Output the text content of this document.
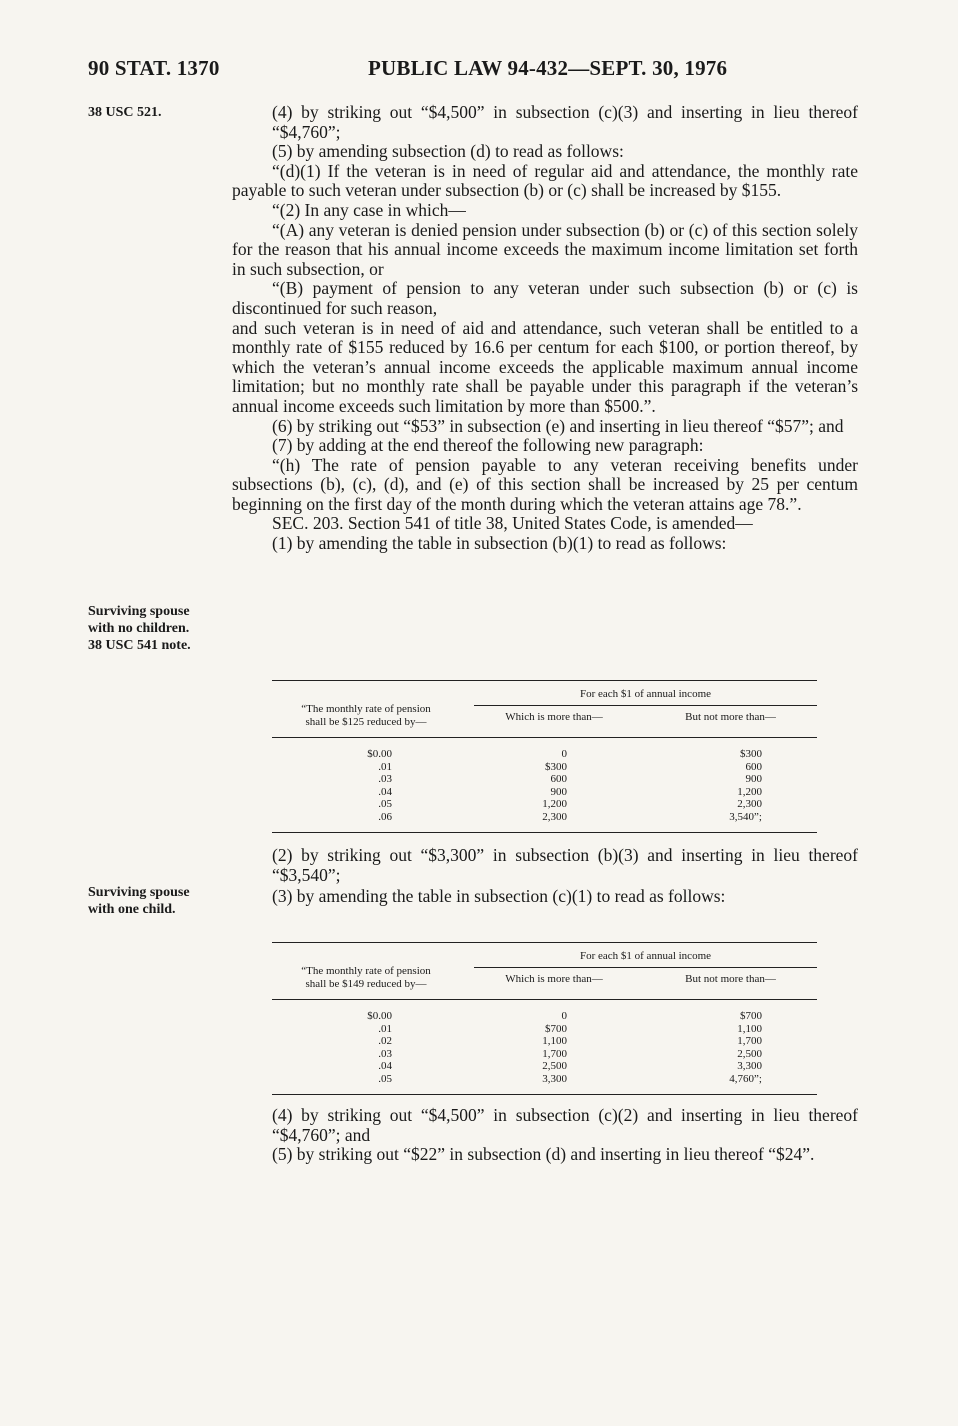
90 STAT. 1370	PUBLIC LAW 94-432—SEPT. 30, 1976
38 USC 521.
Surviving spouse
with no children.
38 USC 541 note.
Surviving spouse
with one child.

(4) by striking out “$4,500” in subsection (c)(3) and inserting in lieu thereof “$4,760”;

(5) by amending subsection (d) to read as follows:

“(d)(1) If the veteran is in need of regular aid and attendance, the monthly rate payable to such veteran under subsection (b) or (c) shall be increased by $155.

“(2) In any case in which—

“(A) any veteran is denied pension under subsection (b) or (c) of this section solely for the reason that his annual income exceeds the maximum income limitation set forth in such subsection, or

“(B) payment of pension to any veteran under such subsection (b) or (c) is discontinued for such reason,

and such veteran is in need of aid and attendance, such veteran shall be entitled to a monthly rate of $155 reduced by 16.6 per centum for each $100, or portion thereof, by which the veteran’s annual income exceeds the applicable maximum annual income limitation; but no monthly rate shall be payable under this paragraph if the veteran’s annual income exceeds such limitation by more than $500.”.

(6) by striking out “$53” in subsection (e) and inserting in lieu thereof “$57”; and

(7) by adding at the end thereof the following new paragraph:

“(h) The rate of pension payable to any veteran receiving benefits under subsections (b), (c), (d), and (e) of this section shall be increased by 25 per centum beginning on the first day of the month during which the veteran attains age 78.”.

SEC. 203. Section 541 of title 38, United States Code, is amended—

(1) by amending the table in subsection (b)(1) to read as follows:

“The monthly rate of pension
shall be $125 reduced by—
For each $1 of annual income
Which is more than—	But not more than—
$0.00	0	$300
.01	$300	600
.03	600	900
.04	900	1,200
.05	1,200	2,300
.06	2,300	3,540”;

(2) by striking out “$3,300” in subsection (b)(3) and inserting in lieu thereof “$3,540”;

(3) by amending the table in subsection (c)(1) to read as follows:

“The monthly rate of pension
shall be $149 reduced by—
For each $1 of annual income
Which is more than—	But not more than—
$0.00	0	$700
.01	$700	1,100
.02	1,100	1,700
.03	1,700	2,500
.04	2,500	3,300
.05	3,300	4,760”;

(4) by striking out “$4,500” in subsection (c)(2) and inserting in lieu thereof “$4,760”; and

(5) by striking out “$22” in subsection (d) and inserting in lieu thereof “$24”.
